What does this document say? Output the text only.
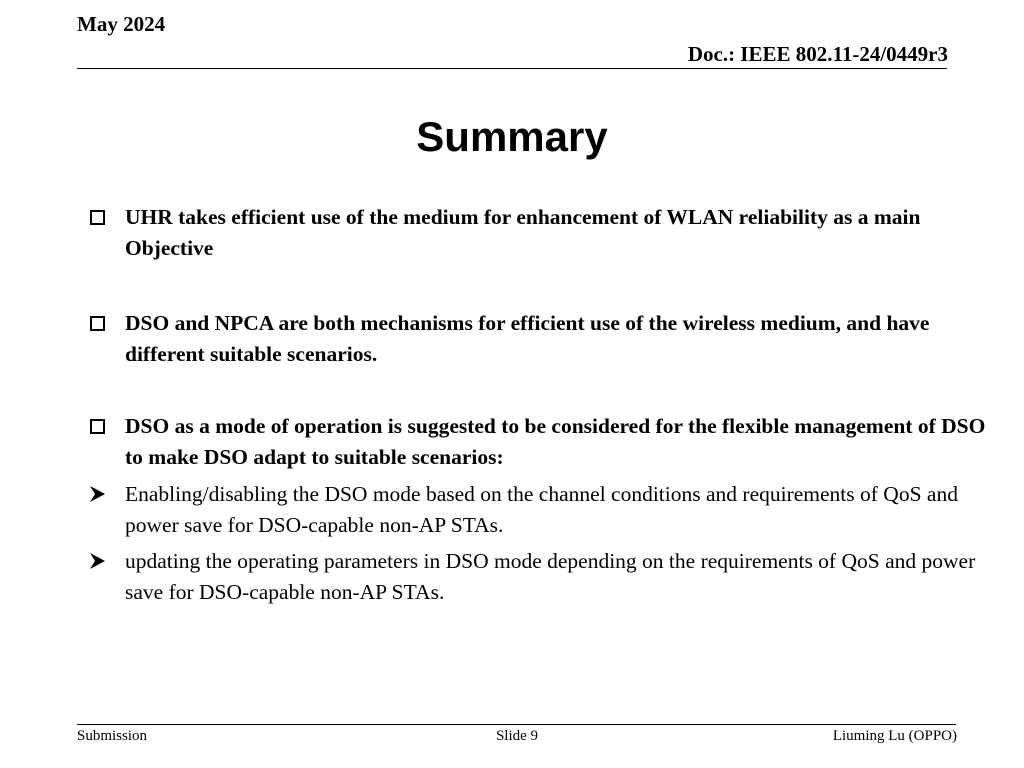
May 2024
Doc.: IEEE 802.11-24/0449r3
Summary
UHR takes efficient use of the medium for enhancement of WLAN reliability as a main Objective
DSO and NPCA are both mechanisms for efficient use of the wireless medium, and have different suitable scenarios.
DSO as a mode of operation is suggested to be considered for the flexible management of DSO to make DSO adapt to suitable scenarios:
Enabling/disabling the DSO mode based on the channel conditions and requirements of QoS and power save for DSO-capable non-AP STAs.
updating the operating parameters in DSO mode depending on the requirements of QoS and power save for DSO-capable non-AP STAs.
Submission	Slide 9	Liuming Lu (OPPO)
